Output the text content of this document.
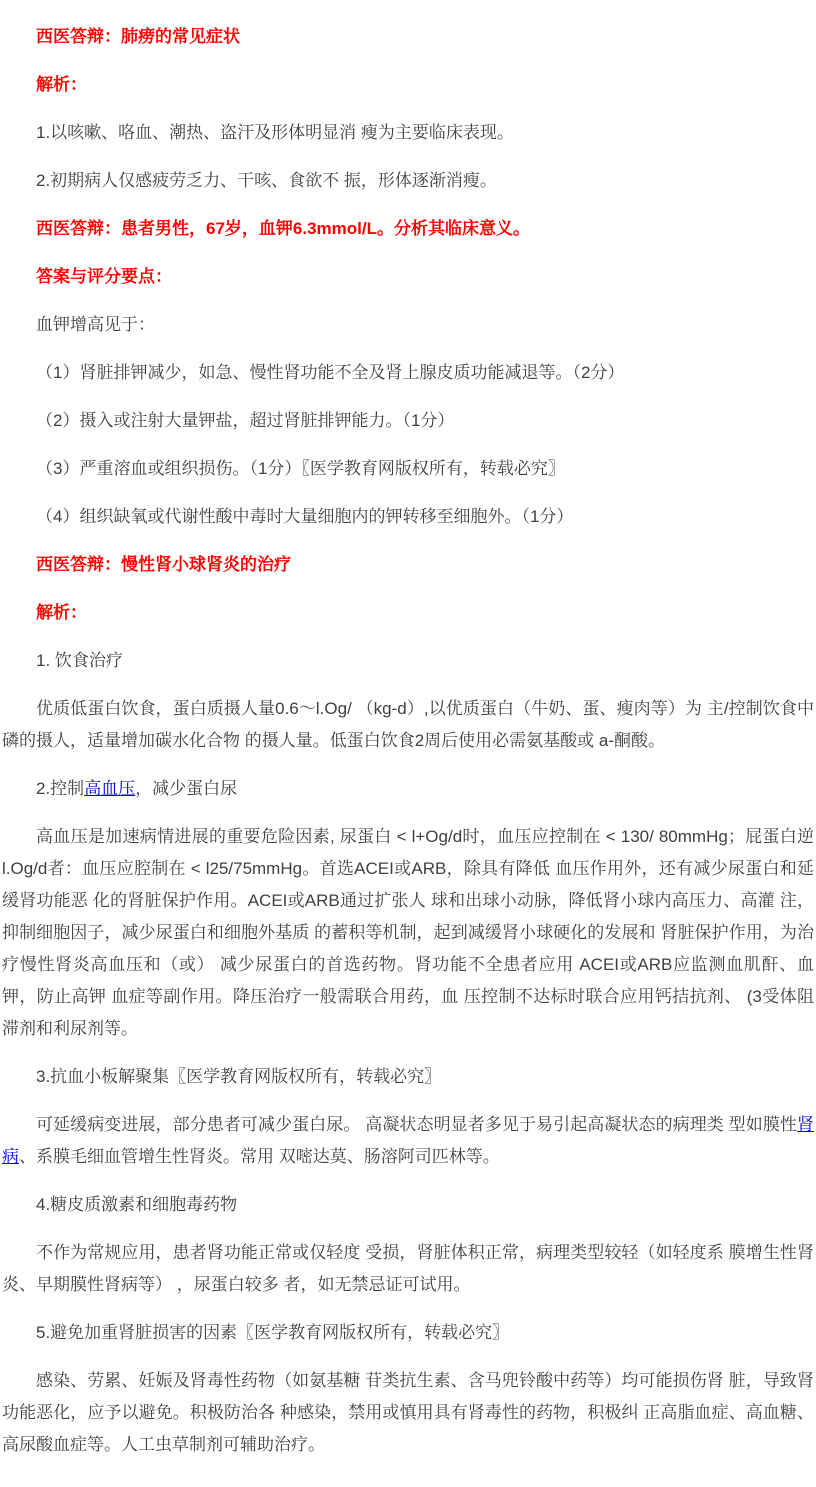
西医答辩：肺痨的常见症状

解析：

1.以咳嗽、咯血、潮热、盗汗及形体明显消 瘦为主要临床表现。

2.初期病人仅感疲劳乏力、干咳、食欲不 振，形体逐渐消瘦。

西医答辩：患者男性，67岁，血钾6.3mmol/L。分析其临床意义。

答案与评分要点：

血钾增高见于：

（1）肾脏排钾减少，如急、慢性肾功能不全及肾上腺皮质功能减退等。（2分）

（2）摄入或注射大量钾盐，超过肾脏排钾能力。（1分）

（3）严重溶血或组织损伤。（1分）〖医学教育网版权所有，转载必究〗

（4）组织缺氧或代谢性酸中毒时大量细胞内的钾转移至细胞外。（1分）

西医答辩：慢性肾小球肾炎的治疗

解析：

1. 饮食治疗

优质低蛋白饮食，蛋白质摄人量0.6〜l.Og/ （kg-d）,以优质蛋白（牛奶、蛋、瘦肉等）为 主/控制饮食中磷的摄人，适量增加碳水化合物 的摄人量。低蛋白饮食2周后使用必需氨基酸或 a-酮酸。

2.控制高血压，减少蛋白尿

高血压是加速病情进展的重要危险因素, 尿蛋白 < l+Og/d时，血压应控制在 < 130/ 80mmHg；屁蛋白逆 l.Og/d者：血压应腔制在 < l25/75mmHg。首选ACEI或ARB，除具有降低 血压作用外，还有减少尿蛋白和延缓肾功能恶 化的肾脏保护作用。ACEI或ARB通过扩张人 球和出球小动脉，降低肾小球内高压力、高灌 注，抑制细胞因子，减少尿蛋白和细胞外基质 的蓄积等机制，起到减缓肾小球硬化的发展和 肾脏保护作用，为治疗慢性肾炎高血压和（或） 减少尿蛋白的首选药物。肾功能不全患者应用 ACEI或ARB应监测血肌酐、血钾，防止高钾 血症等副作用。降压治疗一般需联合用药，血 压控制不达标时联合应用钙拮抗剂、 (3受体阻 滞剂和利尿剂等。

3.抗血小板解聚集〖医学教育网版权所有，转载必究〗

可延缓病变进展，部分患者可减少蛋白尿。 高凝状态明显者多见于易引起高凝状态的病理类 型如膜性肾病、系膜毛细血管增生性肾炎。常用 双嘧达莫、肠溶阿司匹林等。

4.糖皮质激素和细胞毒药物

不作为常规应用，患者肾功能正常或仅轻度 受损，肾脏体积正常，病理类型较轻（如轻度系 膜增生性肾炎、早期膜性肾病等） ，尿蛋白较多 者，如无禁忌证可试用。

5.避免加重肾脏损害的因素〖医学教育网版权所有，转载必究〗

感染、劳累、妊娠及肾毒性药物（如氨基糖 苷类抗生素、含马兜铃酸中药等）均可能损伤肾 脏，导致肾功能恶化，应予以避免。积极防治各 种感染，禁用或慎用具有肾毒性的药物，积极纠 正高脂血症、高血糖、高尿酸血症等。人工虫草制剂可辅助治疗。
